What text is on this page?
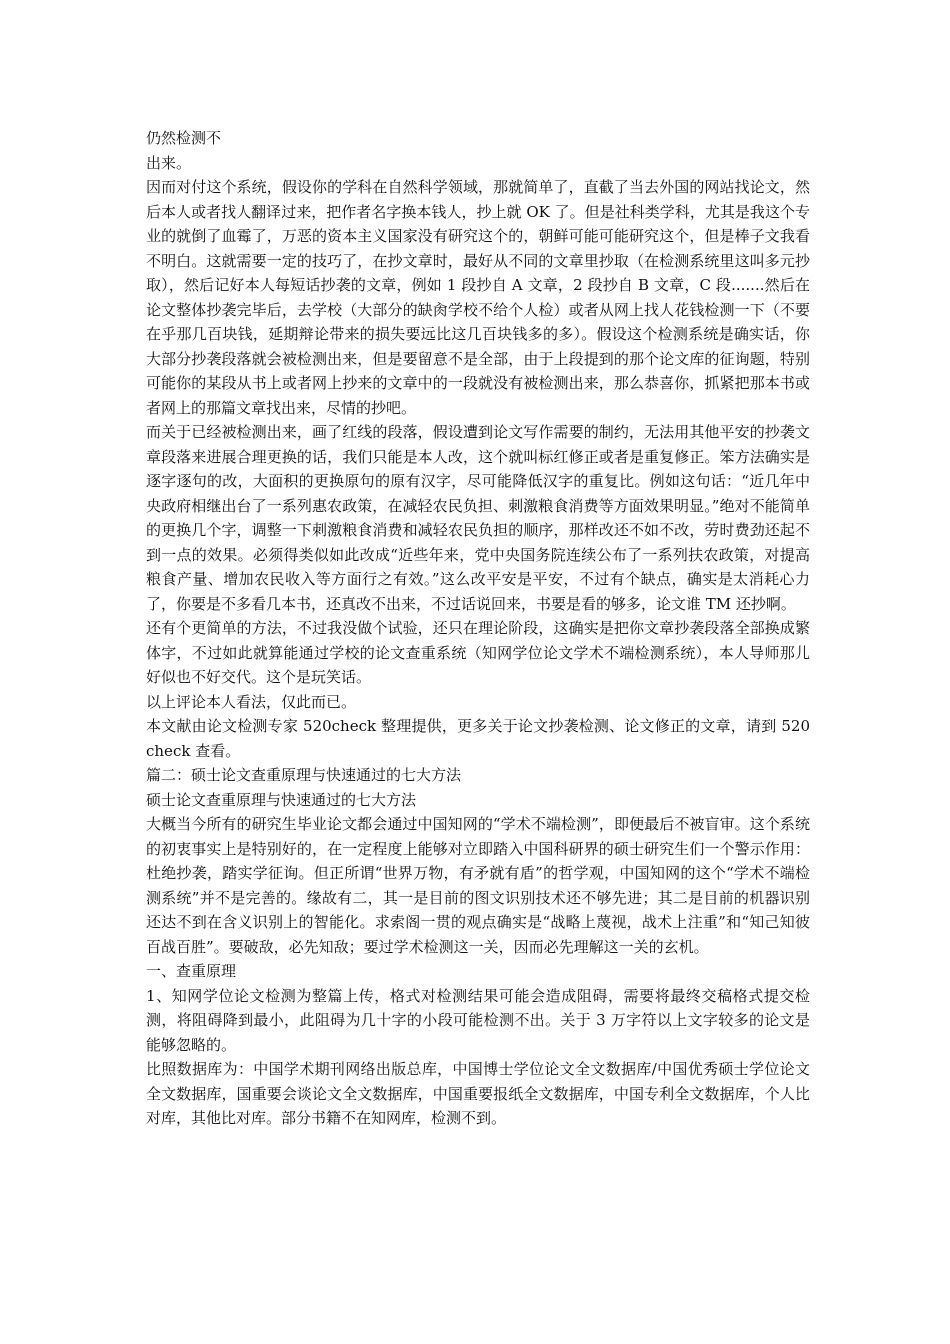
仍然检测不

出来。

因而对付这个系统，假设你的学科在自然科学领域，那就简单了，直截了当去外国的网站找论文，然后本人或者找人翻译过来，把作者名字换本钱人，抄上就 OK 了。但是社科类学科，尤其是我这个专业的就倒了血霉了，万恶的资本主义国家没有研究这个的，朝鲜可能可能研究这个，但是棒子文我看不明白。这就需要一定的技巧了，在抄文章时，最好从不同的文章里抄取（在检测系统里这叫多元抄取），然后记好本人每短话抄袭的文章，例如 1 段抄自 A 文章，2 段抄自 B 文章，C 段.......然后在论文整体抄袭完毕后，去学校（大部分的缺肏学校不给个人检）或者从网上找人花钱检测一下（不要在乎那几百块钱，延期辩论带来的损失要远比这几百块钱多的多）。假设这个检测系统是确实话，你大部分抄袭段落就会被检测出来，但是要留意不是全部，由于上段提到的那个论文库的征询题，特别可能你的某段从书上或者网上抄来的文章中的一段就没有被检测出来，那么恭喜你，抓紧把那本书或者网上的那篇文章找出来，尽情的抄吧。

而关于已经被检测出来，画了红线的段落，假设遭到论文写作需要的制约，无法用其他平安的抄袭文章段落来进展合理更换的话，我们只能是本人改，这个就叫标红修正或者是重复修正。笨方法确实是逐字逐句的改，大面积的更换原句的原有汉字，尽可能降低汉字的重复比。例如这句话：“近几年中央政府相继出台了一系列惠农政策，在减轻农民负担、刺激粮食消费等方面效果明显。”绝对不能简单的更换几个字，调整一下刺激粮食消费和减轻农民负担的顺序，那样改还不如不改，劳时费劲还起不到一点的效果。必须得类似如此改成“近些年来，党中央国务院连续公布了一系列扶农政策，对提高粮食产量、增加农民收入等方面行之有效。”这么改平安是平安，不过有个缺点，确实是太消耗心力了，你要是不多看几本书，还真改不出来，不过话说回来，书要是看的够多，论文谁 TM 还抄啊。

还有个更简单的方法，不过我没做个试验，还只在理论阶段，这确实是把你文章抄袭段落全部换成繁体字，不过如此就算能通过学校的论文查重系统（知网学位论文学术不端检测系统），本人导师那儿好似也不好交代。这个是玩笑话。

以上评论本人看法，仅此而已。

本文献由论文检测专家 520check 整理提供，更多关于论文抄袭检测、论文修正的文章，请到 520check 查看。

篇二：硕士论文查重原理与快速通过的七大方法

硕士论文查重原理与快速通过的七大方法

大概当今所有的研究生毕业论文都会通过中国知网的“学术不端检测”，即便最后不被盲审。这个系统的初衷事实上是特别好的，在一定程度上能够对立即踏入中国科研界的硕士研究生们一个警示作用：杜绝抄袭，踏实学征询。但正所谓“世界万物，有矛就有盾”的哲学观，中国知网的这个“学术不端检测系统”并不是完善的。缘故有二，其一是目前的图文识别技术还不够先进；其二是目前的机器识别还达不到在含义识别上的智能化。求索阁一贯的观点确实是“战略上蔑视，战术上注重”和“知己知彼百战百胜”。要破敌，必先知敌；要过学术检测这一关，因而必先理解这一关的玄机。

一、查重原理

1、知网学位论文检测为整篇上传，格式对检测结果可能会造成阻碍，需要将最终交稿格式提交检测，将阻碍降到最小，此阻碍为几十字的小段可能检测不出。关于 3 万字符以上文字较多的论文是能够忽略的。

比照数据库为：中国学术期刊网络出版总库，中国博士学位论文全文数据库/中国优秀硕士学位论文全文数据库，国重要会谈论文全文数据库，中国重要报纸全文数据库，中国专利全文数据库，个人比对库，其他比对库。部分书籍不在知网库，检测不到。
